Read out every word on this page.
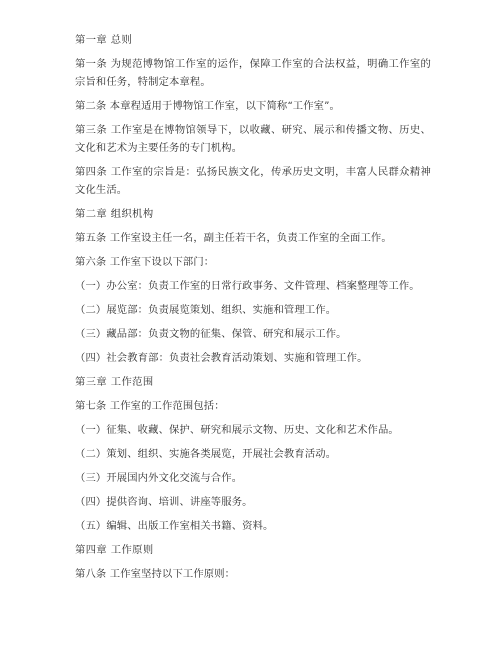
第一章 总则

第一条 为规范博物馆工作室的运作，保障工作室的合法权益，明确工作室的宗旨和任务，特制定本章程。

第二条 本章程适用于博物馆工作室，以下简称“工作室”。

第三条 工作室是在博物馆领导下，以收藏、研究、展示和传播文物、历史、文化和艺术为主要任务的专门机构。

第四条 工作室的宗旨是：弘扬民族文化，传承历史文明，丰富人民群众精神文化生活。

第二章 组织机构

第五条 工作室设主任一名，副主任若干名，负责工作室的全面工作。

第六条 工作室下设以下部门：

（一）办公室：负责工作室的日常行政事务、文件管理、档案整理等工作。

（二）展览部：负责展览策划、组织、实施和管理工作。

（三）藏品部：负责文物的征集、保管、研究和展示工作。

（四）社会教育部：负责社会教育活动策划、实施和管理工作。

第三章 工作范围

第七条 工作室的工作范围包括：

（一）征集、收藏、保护、研究和展示文物、历史、文化和艺术作品。

（二）策划、组织、实施各类展览，开展社会教育活动。

（三）开展国内外文化交流与合作。

（四）提供咨询、培训、讲座等服务。

（五）编辑、出版工作室相关书籍、资料。

第四章 工作原则

第八条 工作室坚持以下工作原则：
